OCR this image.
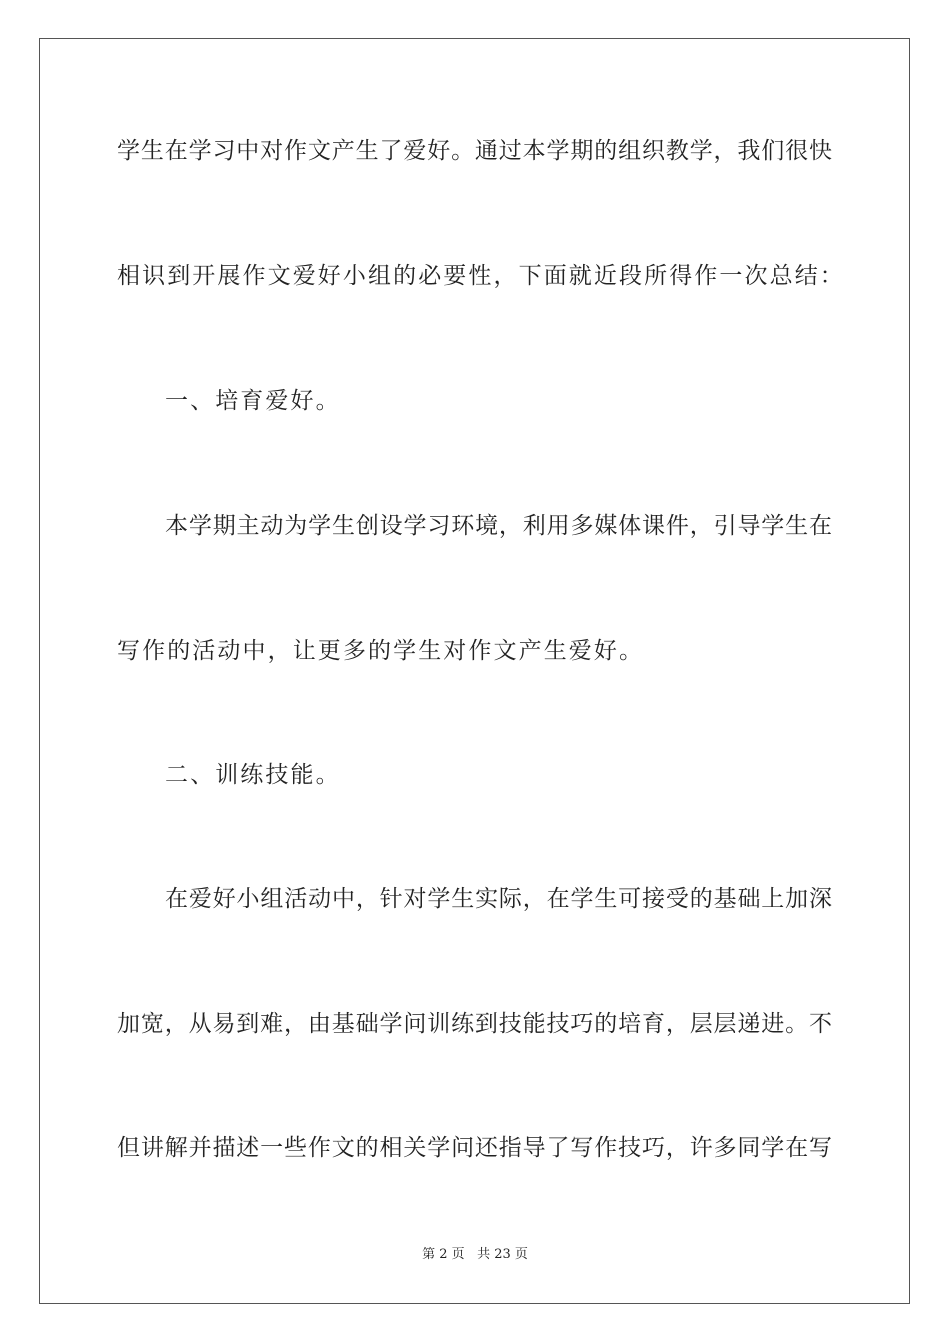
学生在学习中对作文产生了爱好。通过本学期的组织教学，我们很快
相识到开展作文爱好小组的必要性，下面就近段所得作一次总结：
一、培育爱好。
本学期主动为学生创设学习环境，利用多媒体课件，引导学生在
写作的活动中，让更多的学生对作文产生爱好。
二、训练技能。
在爱好小组活动中，针对学生实际，在学生可接受的基础上加深
加宽，从易到难，由基础学问训练到技能技巧的培育，层层递进。不
但讲解并描述一些作文的相关学问还指导了写作技巧，许多同学在写
第 2 页 共 23 页
